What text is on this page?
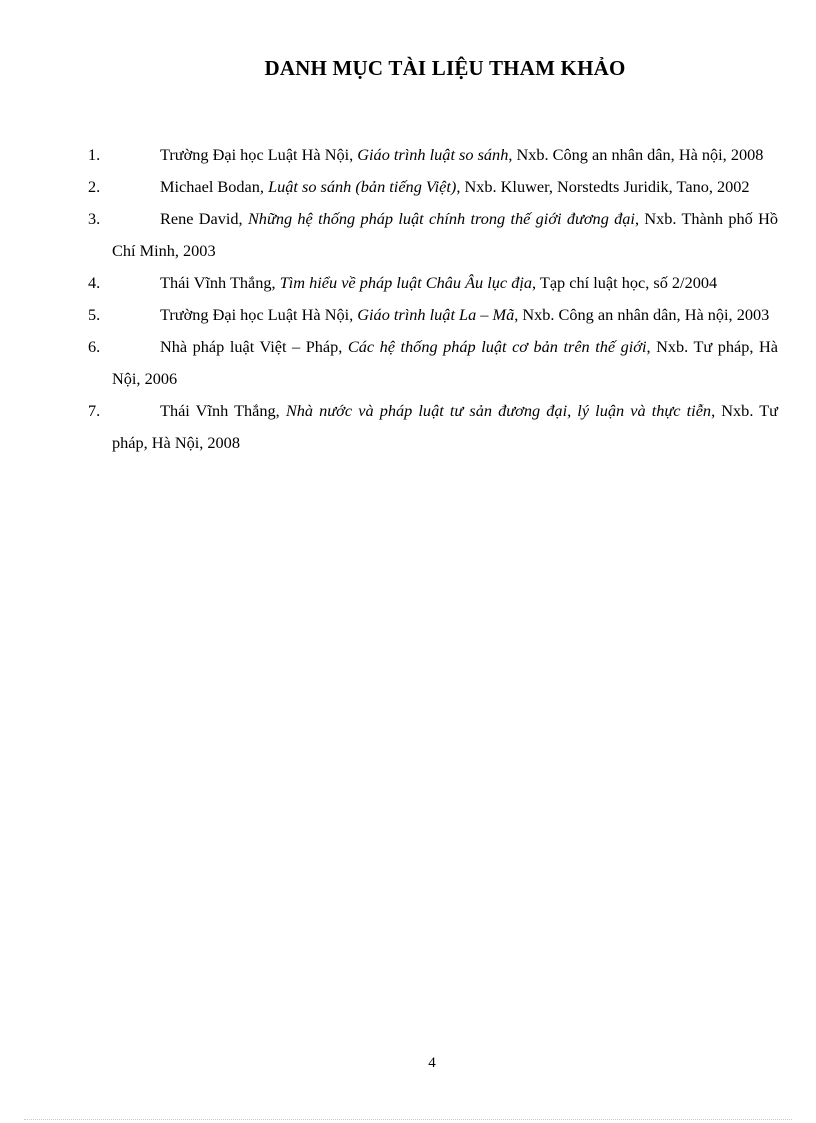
DANH MỤC TÀI LIỆU THAM KHẢO
1.	Trường Đại học Luật Hà Nội, Giáo trình luật so sánh, Nxb. Công an nhân dân, Hà nội, 2008
2.	Michael Bodan, Luật so sánh (bản tiếng Việt), Nxb. Kluwer, Norstedts Juridik, Tano, 2002
3.	Rene David, Những hệ thống pháp luật chính trong thế giới đương đại, Nxb. Thành phố Hồ Chí Minh, 2003
4.	Thái Vĩnh Thắng, Tìm hiểu về pháp luật Châu Âu lục địa, Tạp chí luật học, số 2/2004
5.	Trường Đại học Luật Hà Nội, Giáo trình luật La – Mã, Nxb. Công an nhân dân, Hà nội, 2003
6.	Nhà pháp luật Việt – Pháp, Các hệ thống pháp luật cơ bản trên thế giới, Nxb. Tư pháp, Hà Nội, 2006
7.	Thái Vĩnh Thắng, Nhà nước và pháp luật tư sản đương đại, lý luận và thực tiễn, Nxb. Tư pháp, Hà Nội, 2008
4
